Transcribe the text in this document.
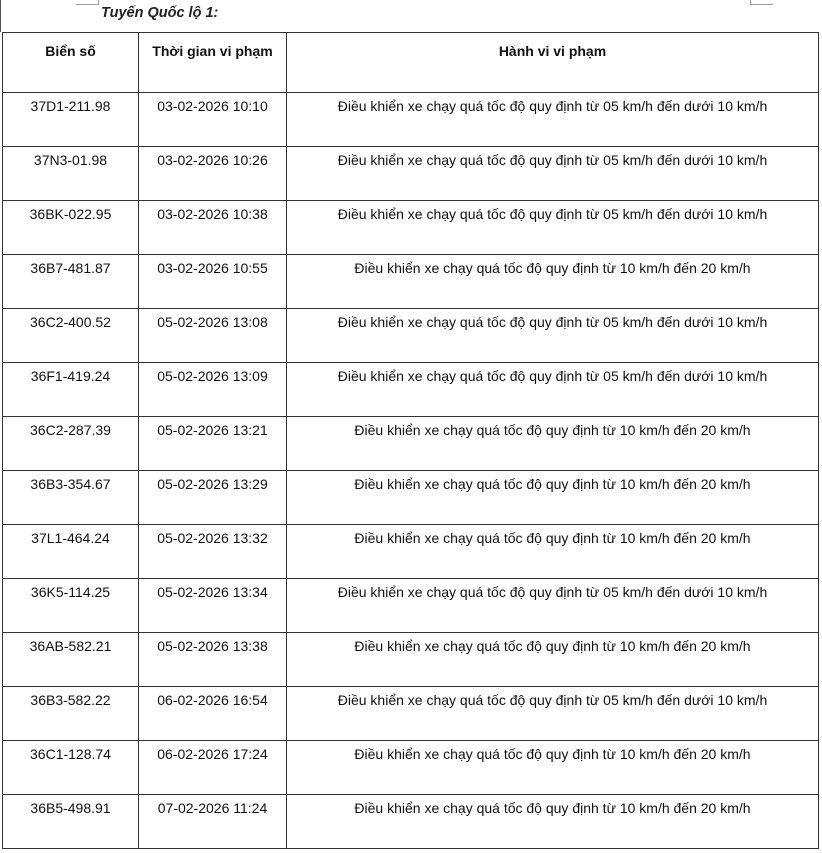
Tuyến Quốc lộ 1:
Biển số	Thời gian vi phạm	Hành vi vi phạm
37D1-211.98	03-02-2026 10:10	Điều khiển xe chạy quá tốc độ quy định từ 05 km/h đến dưới 10 km/h
37N3-01.98	03-02-2026 10:26	Điều khiển xe chạy quá tốc độ quy định từ 05 km/h đến dưới 10 km/h
36BK-022.95	03-02-2026 10:38	Điều khiển xe chạy quá tốc độ quy định từ 05 km/h đến dưới 10 km/h
36B7-481.87	03-02-2026 10:55	Điều khiển xe chạy quá tốc độ quy định từ 10 km/h đến 20 km/h
36C2-400.52	05-02-2026 13:08	Điều khiển xe chạy quá tốc độ quy định từ 05 km/h đến dưới 10 km/h
36F1-419.24	05-02-2026 13:09	Điều khiển xe chạy quá tốc độ quy định từ 05 km/h đến dưới 10 km/h
36C2-287.39	05-02-2026 13:21	Điều khiển xe chạy quá tốc độ quy định từ 10 km/h đến 20 km/h
36B3-354.67	05-02-2026 13:29	Điều khiển xe chạy quá tốc độ quy định từ 10 km/h đến 20 km/h
37L1-464.24	05-02-2026 13:32	Điều khiển xe chạy quá tốc độ quy định từ 10 km/h đến 20 km/h
36K5-114.25	05-02-2026 13:34	Điều khiển xe chạy quá tốc độ quy định từ 05 km/h đến dưới 10 km/h
36AB-582.21	05-02-2026 13:38	Điều khiển xe chạy quá tốc độ quy định từ 10 km/h đến 20 km/h
36B3-582.22	06-02-2026 16:54	Điều khiển xe chạy quá tốc độ quy định từ 05 km/h đến dưới 10 km/h
36C1-128.74	06-02-2026 17:24	Điều khiển xe chạy quá tốc độ quy định từ 10 km/h đến 20 km/h
36B5-498.91	07-02-2026 11:24	Điều khiển xe chạy quá tốc độ quy định từ 10 km/h đến 20 km/h
